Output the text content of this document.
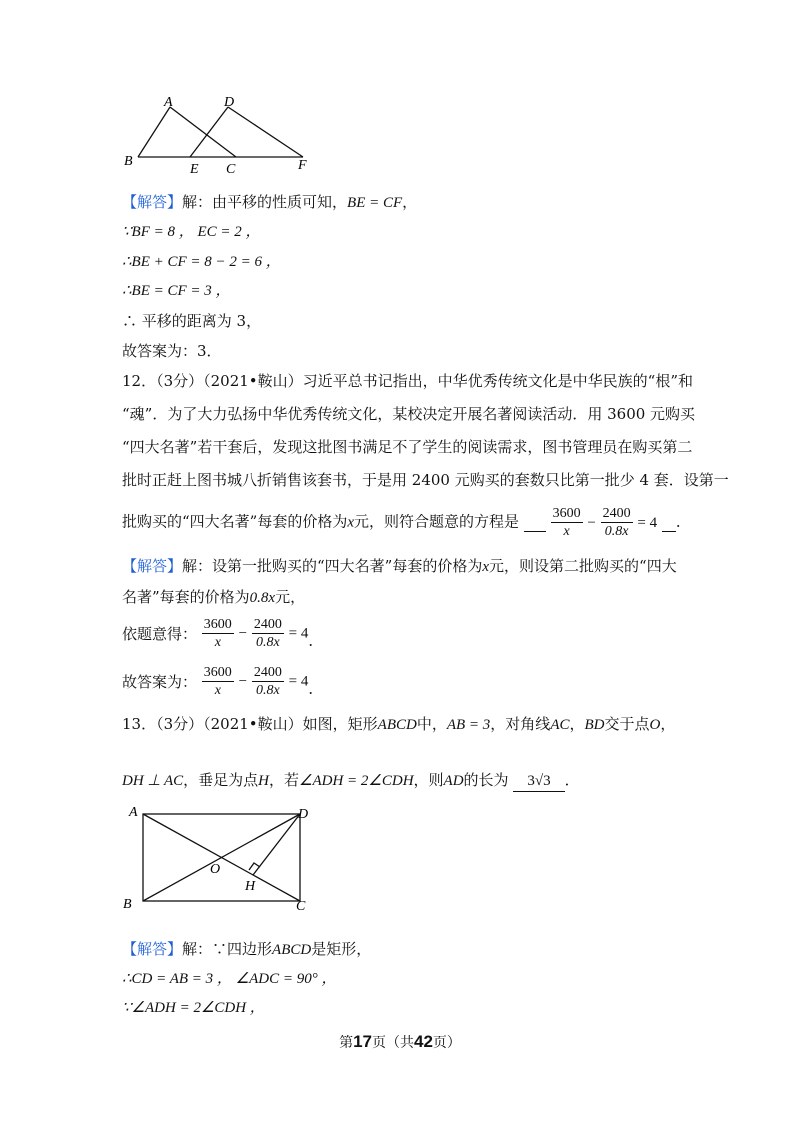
A	D
B
E C	F
【解答】解：由平移的性质可知，BE = CF，
∵BF = 8 ， EC = 2 ，
∴BE + CF = 8 − 2 = 6 ，
∴BE = CF = 3 ，
∴ 平移的距离为 3，
故答案为：3．
12．（3分）（2021•鞍山）习近平总书记指出，中华优秀传统文化是中华民族的“根”和
“魂”．为了大力弘扬中华优秀传统文化，某校决定开展名著阅读活动．用 3600 元购买
“四大名著”若干套后，发现这批图书满足不了学生的阅读需求，图书管理员在购买第二
批时正赶上图书城八折销售该套书，于是用 2400 元购买的套数只比第一批少 4 套．设第一
批购买的“四大名著”每套的价格为x元，则符合题意的方程是 $\frac{3600}{x} - \frac{2400}{0.8x} = 4$ ．
【解答】解：设第一批购买的“四大名著”每套的价格为x元，则设第二批购买的“四大
名著”每套的价格为0.8x元，
依题意得： $\frac{3600}{x} - \frac{2400}{0.8x} = 4$．
故答案为： $\frac{3600}{x} - \frac{2400}{0.8x} = 4$．
13．（3分）（2021•鞍山）如图，矩形ABCD中，AB = 3，对角线AC，BD交于点O，
DH ⊥ AC，垂足为点H，若∠ADH = 2∠CDH，则AD的长为 3√3 ．
A	D
O
H
B	C
【解答】解：∵四边形ABCD是矩形，
∴CD = AB = 3 ， ∠ADC = 90° ，
∵∠ADH = 2∠CDH ，
第17页（共42页）
